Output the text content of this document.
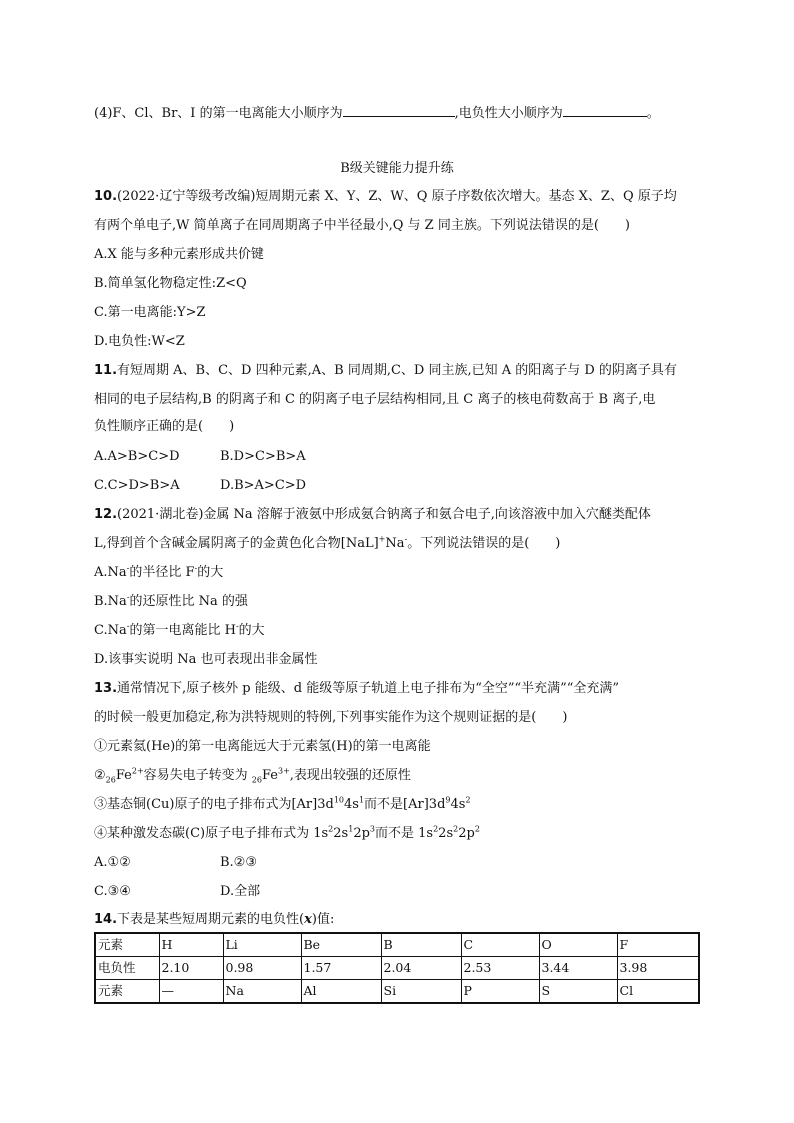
(4)F、Cl、Br、I 的第一电离能大小顺序为	,电负性大小顺序为	。
B级关键能力提升练
10.(2022·辽宁等级考改编)短周期元素 X、Y、Z、W、Q 原子序数依次增大。基态 X、Z、Q 原子均
有两个单电子,W 简单离子在同周期离子中半径最小,Q 与 Z 同主族。下列说法错误的是(　　)
A.X 能与多种元素形成共价键
B.简单氢化物稳定性:Z<Q
C.第一电离能:Y>Z
D.电负性:W<Z
11.有短周期 A、B、C、D 四种元素,A、B 同周期,C、D 同主族,已知 A 的阳离子与 D 的阴离子具有
相同的电子层结构,B 的阴离子和 C 的阴离子电子层结构相同,且 C 离子的核电荷数高于 B 离子,电
负性顺序正确的是(　　)
A.A>B>C>D	B.D>C>B>A
C.C>D>B>A	D.B>A>C>D
12.(2021·湖北卷)金属 Na 溶解于液氨中形成氨合钠离子和氨合电子,向该溶液中加入穴醚类配体
L,得到首个含碱金属阴离子的金黄色化合物[NaL]+Na-。下列说法错误的是(　　)
A.Na-的半径比 F-的大
B.Na-的还原性比 Na 的强
C.Na-的第一电离能比 H-的大
D.该事实说明 Na 也可表现出非金属性
13.通常情况下,原子核外 p 能级、d 能级等原子轨道上电子排布为“全空”“半充满”“全充满”
的时候一般更加稳定,称为洪特规则的特例,下列事实能作为这个规则证据的是(　　)
①元素氦(He)的第一电离能远大于元素氢(H)的第一电离能
$②_{26}Fe^{2+}$容易失电子转变为 $_{26}Fe^{3+}$,表现出较强的还原性
③基态铜(Cu)原子的电子排布式为$[Ar]3d^{10}4s^1$而不是$[Ar]3d^94s^2$
④某种激发态碳(C)原子电子排布式为 $1s^22s^12p^3$而不是 $1s^22s^22p^2$
A.①②	B.②③
C.③④	D.全部
14.下表是某些短周期元素的电负性(x)值:
元素	H	Li	Be	B	C	O	F
电负性	2.10	0.98	1.57	2.04	2.53	3.44	3.98
元素	—	Na	Al	Si	P	S	Cl
